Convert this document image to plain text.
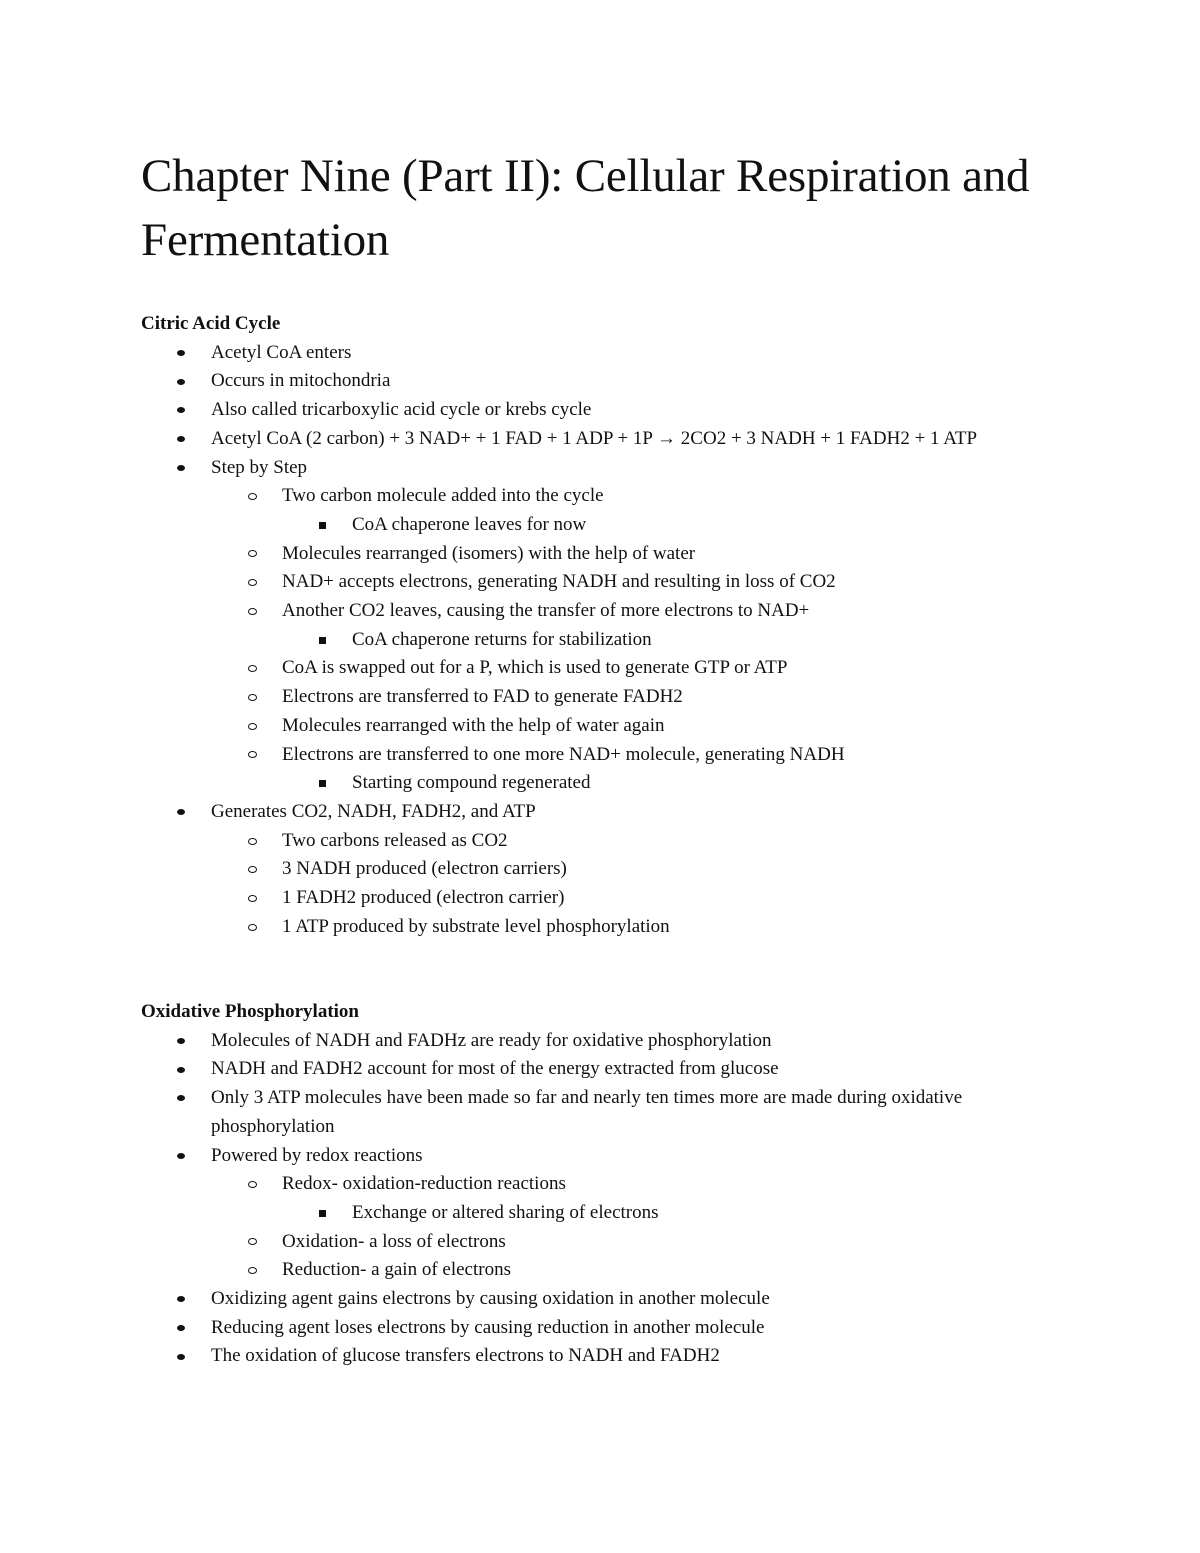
Chapter Nine (Part II): Cellular Respiration and Fermentation

Citric Acid Cycle

Acetyl CoA enters
Occurs in mitochondria
Also called tricarboxylic acid cycle or krebs cycle
Acetyl CoA (2 carbon) + 3 NAD+ + 1 FAD + 1 ADP + 1P → 2CO2 + 3 NADH + 1 FADH2 + 1 ATP
Step by Step
Two carbon molecule added into the cycle
CoA chaperone leaves for now
Molecules rearranged (isomers) with the help of water
NAD+ accepts electrons, generating NADH and resulting in loss of CO2
Another CO2 leaves, causing the transfer of more electrons to NAD+
CoA chaperone returns for stabilization
CoA is swapped out for a P, which is used to generate GTP or ATP
Electrons are transferred to FAD to generate FADH2
Molecules rearranged with the help of water again
Electrons are transferred to one more NAD+ molecule, generating NADH
Starting compound regenerated
Generates CO2, NADH, FADH2, and ATP
Two carbons released as CO2
3 NADH produced (electron carriers)
1 FADH2 produced (electron carrier)
1 ATP produced by substrate level phosphorylation

Oxidative Phosphorylation

Molecules of NADH and FADHz are ready for oxidative phosphorylation
NADH and FADH2 account for most of the energy extracted from glucose
Only 3 ATP molecules have been made so far and nearly ten times more are made during oxidative phosphorylation
Powered by redox reactions
Redox- oxidation-reduction reactions
Exchange or altered sharing of electrons
Oxidation- a loss of electrons
Reduction- a gain of electrons
Oxidizing agent gains electrons by causing oxidation in another molecule
Reducing agent loses electrons by causing reduction in another molecule
The oxidation of glucose transfers electrons to NADH and FADH2
